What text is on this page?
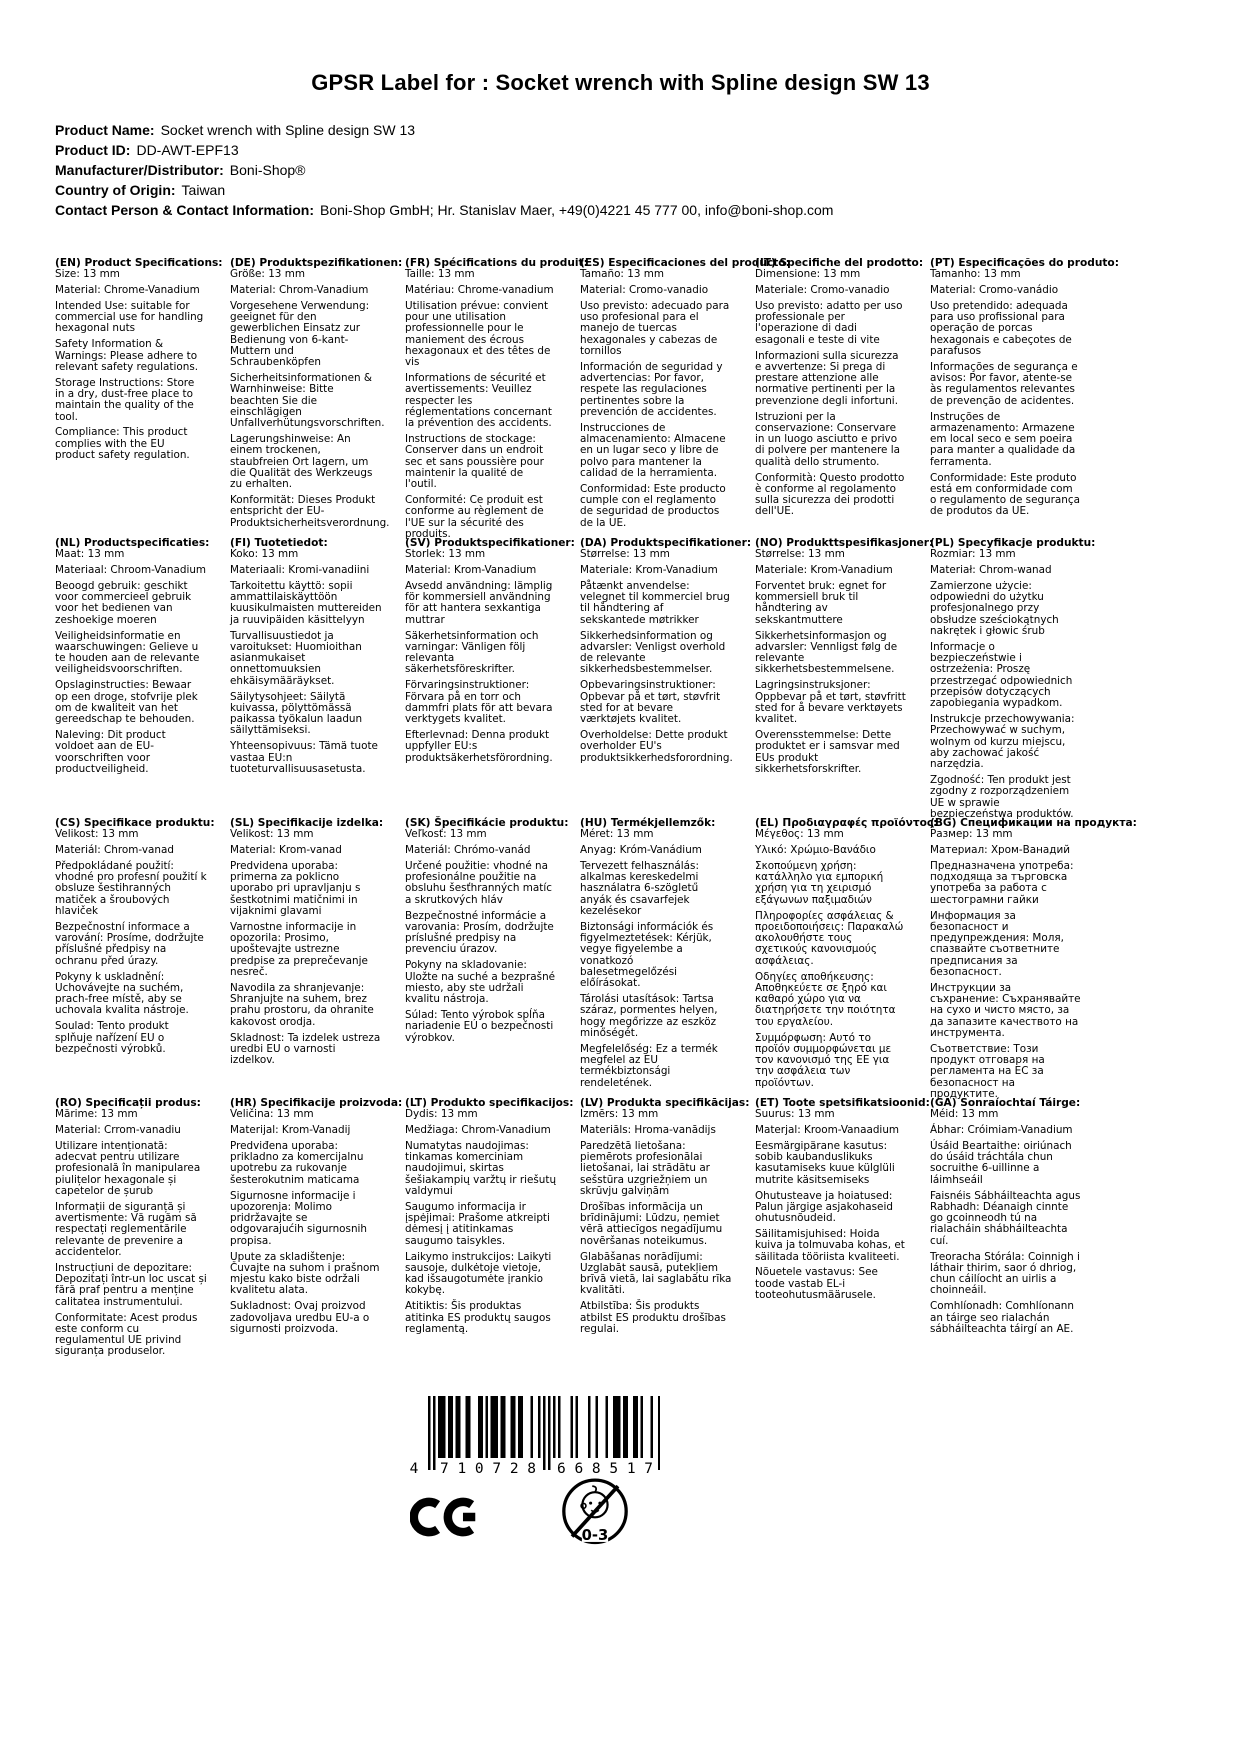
GPSR Label for : Socket wrench with Spline design SW 13
Product Name: Socket wrench with Spline design SW 13
Product ID: DD-AWT-EPF13
Manufacturer/Distributor: Boni-Shop®
Country of Origin: Taiwan
Contact Person & Contact Information: Boni-Shop GmbH; Hr. Stanislav Maer, +49(0)4221 45 777 00, info@boni-shop.com
(EN) Product Specifications:

Size: 13 mm

Material: Chrome-Vanadium

Intended Use: suitable for commercial use for handling hexagonal nuts

Safety Information & Warnings: Please adhere to relevant safety regulations.

Storage Instructions: Store in a dry, dust-free place to maintain the quality of the tool.

Compliance: This product complies with the EU product safety regulation.

(DE) Produktspezifikationen:

Größe: 13 mm

Material: Chrom-Vanadium

Vorgesehene Verwendung: geeignet für den gewerblichen Einsatz zur Bedienung von 6-kant-Muttern und Schraubenköpfen

Sicherheitsinformationen & Warnhinweise: Bitte beachten Sie die einschlägigen Unfallverhütungsvorschriften.

Lagerungshinweise: An einem trockenen, staubfreien Ort lagern, um die Qualität des Werkzeugs zu erhalten.

Konformität: Dieses Produkt entspricht der EU-Produktsicherheitsverordnung.

(FR) Spécifications du produit:

Taille: 13 mm

Matériau: Chrome-vanadium

Utilisation prévue: convient pour une utilisation professionnelle pour le maniement des écrous hexagonaux et des têtes de vis

Informations de sécurité et avertissements: Veuillez respecter les réglementations concernant la prévention des accidents.

Instructions de stockage: Conserver dans un endroit sec et sans poussière pour maintenir la qualité de l'outil.

Conformité: Ce produit est conforme au règlement de l'UE sur la sécurité des produits.

(ES) Especificaciones del producto:

Tamaño: 13 mm

Material: Cromo-vanadio

Uso previsto: adecuado para uso profesional para el manejo de tuercas hexagonales y cabezas de tornillos

Información de seguridad y advertencias: Por favor, respete las regulaciones pertinentes sobre la prevención de accidentes.

Instrucciones de almacenamiento: Almacene en un lugar seco y libre de polvo para mantener la calidad de la herramienta.

Conformidad: Este producto cumple con el reglamento de seguridad de productos de la UE.

(IT) Specifiche del prodotto:

Dimensione: 13 mm

Materiale: Cromo-vanadio

Uso previsto: adatto per uso professionale per l'operazione di dadi esagonali e teste di vite

Informazioni sulla sicurezza e avvertenze: Si prega di prestare attenzione alle normative pertinenti per la prevenzione degli infortuni.

Istruzioni per la conservazione: Conservare in un luogo asciutto e privo di polvere per mantenere la qualità dello strumento.

Conformità: Questo prodotto è conforme al regolamento sulla sicurezza dei prodotti dell'UE.

(PT) Especificações do produto:

Tamanho: 13 mm

Material: Cromo-vanádio

Uso pretendido: adequada para uso profissional para operação de porcas hexagonais e cabeçotes de parafusos

Informações de segurança e avisos: Por favor, atente-se às regulamentos relevantes de prevenção de acidentes.

Instruções de armazenamento: Armazene em local seco e sem poeira para manter a qualidade da ferramenta.

Conformidade: Este produto está em conformidade com o regulamento de segurança de produtos da UE.

(NL) Productspecificaties:

Maat: 13 mm

Materiaal: Chroom-Vanadium

Beoogd gebruik: geschikt voor commercieel gebruik voor het bedienen van zeshoekige moeren

Veiligheidsinformatie en waarschuwingen: Gelieve u te houden aan de relevante veiligheidsvoorschriften.

Opslaginstructies: Bewaar op een droge, stofvrije plek om de kwaliteit van het gereedschap te behouden.

Naleving: Dit product voldoet aan de EU-voorschriften voor productveiligheid.

(FI) Tuotetiedot:

Koko: 13 mm

Materiaali: Kromi-vanadiini

Tarkoitettu käyttö: sopii ammattilaiskäyttöön kuusikulmaisten muttereiden ja ruuvipäiden käsittelyyn

Turvallisuustiedot ja varoitukset: Huomioithan asianmukaiset onnettomuuksien ehkäisymääräykset.

Säilytysohjeet: Säilytä kuivassa, pölyttömässä paikassa työkalun laadun säilyttämiseksi.

Yhteensopivuus: Tämä tuote vastaa EU:n tuoteturvallisuusasetusta.

(SV) Produktspecifikationer:

Storlek: 13 mm

Material: Krom-Vanadium

Avsedd användning: lämplig för kommersiell användning för att hantera sexkantiga muttrar

Säkerhetsinformation och varningar: Vänligen följ relevanta säkerhetsföreskrifter.

Förvaringsinstruktioner: Förvara på en torr och dammfri plats för att bevara verktygets kvalitet.

Efterlevnad: Denna produkt uppfyller EU:s produktsäkerhetsförordning.

(DA) Produktspecifikationer:

Størrelse: 13 mm

Materiale: Krom-Vanadium

Påtænkt anvendelse: velegnet til kommerciel brug til håndtering af sekskantede møtrikker

Sikkerhedsinformation og advarsler: Venligst overhold de relevante sikkerhedsbestemmelser.

Opbevaringsinstruktioner: Opbevar på et tørt, støvfrit sted for at bevare værktøjets kvalitet.

Overholdelse: Dette produkt overholder EU's produktsikkerhedsforordning.

(NO) Produkttspesifikasjoner:

Størrelse: 13 mm

Materiale: Krom-Vanadium

Forventet bruk: egnet for kommersiell bruk til håndtering av sekskantmuttere

Sikkerhetsinformasjon og advarsler: Vennligst følg de relevante sikkerhetsbestemmelsene.

Lagringsinstruksjoner: Oppbevar på et tørt, støvfritt sted for å bevare verktøyets kvalitet.

Overensstemmelse: Dette produktet er i samsvar med EUs produkt sikkerhetsforskrifter.

(PL) Specyfikacje produktu:

Rozmiar: 13 mm

Materiał: Chrom-wanad

Zamierzone użycie: odpowiedni do użytku profesjonalnego przy obsłudze sześciokątnych nakrętek i głowic śrub

Informacje o bezpieczeństwie i ostrzeżenia: Proszę przestrzegać odpowiednich przepisów dotyczących zapobiegania wypadkom.

Instrukcje przechowywania: Przechowywać w suchym, wolnym od kurzu miejscu, aby zachować jakość narzędzia.

Zgodność: Ten produkt jest zgodny z rozporządzeniem UE w sprawie bezpieczeństwa produktów.

(CS) Specifikace produktu:

Velikost: 13 mm

Materiál: Chrom-vanad

Předpokládané použití: vhodné pro profesní použití k obsluze šestihranných matiček a šroubových hlaviček

Bezpečnostní informace a varování: Prosíme, dodržujte příslušné předpisy na ochranu před úrazy.

Pokyny k uskladnění: Uchovávejte na suchém, prach-free místě, aby se uchovala kvalita nástroje.

Soulad: Tento produkt splňuje nařízení EU o bezpečnosti výrobků.

(SL) Specifikacije izdelka:

Velikost: 13 mm

Material: Krom-vanad

Predvidena uporaba: primerna za poklicno uporabo pri upravljanju s šestkotnimi matičnimi in vijaknimi glavami

Varnostne informacije in opozorila: Prosimo, upoštevajte ustrezne predpise za preprečevanje nesreč.

Navodila za shranjevanje: Shranjujte na suhem, brez prahu prostoru, da ohranite kakovost orodja.

Skladnost: Ta izdelek ustreza uredbi EU o varnosti izdelkov.

(SK) Špecifikácie produktu:

Veľkosť: 13 mm

Materiál: Chrómo-vanád

Určené použitie: vhodné na profesionálne použitie na obsluhu šesťhranných matíc a skrutkových hláv

Bezpečnostné informácie a varovania: Prosím, dodržujte príslušné predpisy na prevenciu úrazov.

Pokyny na skladovanie: Uložte na suché a bezprašné miesto, aby ste udržali kvalitu nástroja.

Súlad: Tento výrobok spĺňa nariadenie EÚ o bezpečnosti výrobkov.

(HU) Termékjellemzők:

Méret: 13 mm

Anyag: Króm-Vanádium

Tervezett felhasználás: alkalmas kereskedelmi használatra 6-szögletű anyák és csavarfejek kezelésekor

Biztonsági információk és figyelmeztetések: Kérjük, vegye figyelembe a vonatkozó balesetmegelőzési előírásokat.

Tárolási utasítások: Tartsa száraz, pormentes helyen, hogy megőrizze az eszköz minőségét.

Megfelelőség: Ez a termék megfelel az EU termékbiztonsági rendeletének.

(EL) Προδιαγραφές προϊόντος:

Μέγεθος: 13 mm

Υλικό: Χρώμιο-Βανάδιο

Σκοπούμενη χρήση: κατάλληλο για εμπορική χρήση για τη χειρισμό εξάγωνων παξιμαδιών

Πληροφορίες ασφάλειας & προειδοποιήσεις: Παρακαλώ ακολουθήστε τους σχετικούς κανονισμούς ασφάλειας.

Οδηγίες αποθήκευσης: Αποθηκεύετε σε ξηρό και καθαρό χώρο για να διατηρήσετε την ποιότητα του εργαλείου.

Συμμόρφωση: Αυτό το προϊόν συμμορφώνεται με τον κανονισμό της ΕΕ για την ασφάλεια των προϊόντων.

(BG) Спецификации на продукта:

Размер: 13 mm

Материал: Хром-Ванадий

Предназначена употреба: подходяща за търговска употреба за работа с шестограмни гайки

Информация за безопасност и предупреждения: Моля, спазвайте съответните предписания за безопасност.

Инструкции за съхранение: Съхранявайте на сухо и чисто място, за да запазите качеството на инструмента.

Съответствие: Този продукт отговаря на регламента на ЕС за безопасност на продуктите.

(RO) Specificații produs:

Mărime: 13 mm

Material: Crrom-vanadiu

Utilizare intenționată: adecvat pentru utilizare profesională în manipularea piulițelor hexagonale și capetelor de șurub

Informații de siguranță și avertismente: Vă rugăm să respectați reglementările relevante de prevenire a accidentelor.

Instrucțiuni de depozitare: Depozitați într-un loc uscat și fără praf pentru a menține calitatea instrumentului.

Conformitate: Acest produs este conform cu regulamentul UE privind siguranța produselor.

(HR) Specifikacije proizvoda:

Veličina: 13 mm

Materijal: Krom-Vanadij

Predviđena uporaba: prikladno za komercijalnu upotrebu za rukovanje šesterokutnim maticama

Sigurnosne informacije i upozorenja: Molimo pridržavajte se odgovarajućih sigurnosnih propisa.

Upute za skladištenje: Čuvajte na suhom i prašnom mjestu kako biste održali kvalitetu alata.

Sukladnost: Ovaj proizvod zadovoljava uredbu EU-a o sigurnosti proizvoda.

(LT) Produkto specifikacijos:

Dydis: 13 mm

Medžiaga: Chrom-Vanadium

Numatytas naudojimas: tinkamas komerciniam naudojimui, skirtas šešiakampių varžtų ir riešutų valdymui

Saugumo informacija ir įspėjimai: Prašome atkreipti dėmesį į atitinkamas saugumo taisykles.

Laikymo instrukcijos: Laikyti sausoje, dulkėtoje vietoje, kad išsaugotumėte įrankio kokybę.

Atitiktis: Šis produktas atitinka ES produktų saugos reglamentą.

(LV) Produkta specifikācijas:

Izmērs: 13 mm

Materiāls: Hroma-vanādijs

Paredzētā lietošana: piemērots profesionālai lietošanai, lai strādātu ar sešstūra uzgriežņiem un skrūvju galviņām

Drošības informācija un brīdinājumi: Lūdzu, ņemiet vērā attiecīgos negadījumu novēršanas noteikumus.

Glabāšanas norādījumi: Uzglabāt sausā, putekļiem brīvā vietā, lai saglabātu rīka kvalitāti.

Atbilstība: Šis produkts atbilst ES produktu drošības regulai.

(ET) Toote spetsifikatsioonid:

Suurus: 13 mm

Materjal: Kroom-Vanaadium

Eesmärgipärane kasutus: sobib kaubanduslikuks kasutamiseks kuue külglüli mutrite käsitsemiseks

Ohutusteave ja hoiatused: Palun järgige asjakohaseid ohutusnõudeid.

Säilitamisjuhised: Hoida kuiva ja tolmuvaba kohas, et säilitada tööriista kvaliteeti.

Nõuetele vastavus: See toode vastab EL-i tooteohutusmäärusele.

(GA) Sonraíochtaí Táirge:

Méid: 13 mm

Ábhar: Cróimiam-Vanadium

Úsáid Beartaithe: oiriúnach do úsáid tráchtála chun socruithe 6-uillinne a láimhseáil

Faisnéis Sábháilteachta agus Rabhadh: Déanaigh cinnte go gcoinneodh tú na rialacháin shábháilteachta cuí.

Treoracha Stórála: Coinnigh i láthair thirim, saor ó dhriog, chun cáilíocht an uirlis a choinneáil.

Comhlíonadh: Comhlíonann an táirge seo rialachán sábháilteachta táirgí an AE.

4 710728 668517
0-3
